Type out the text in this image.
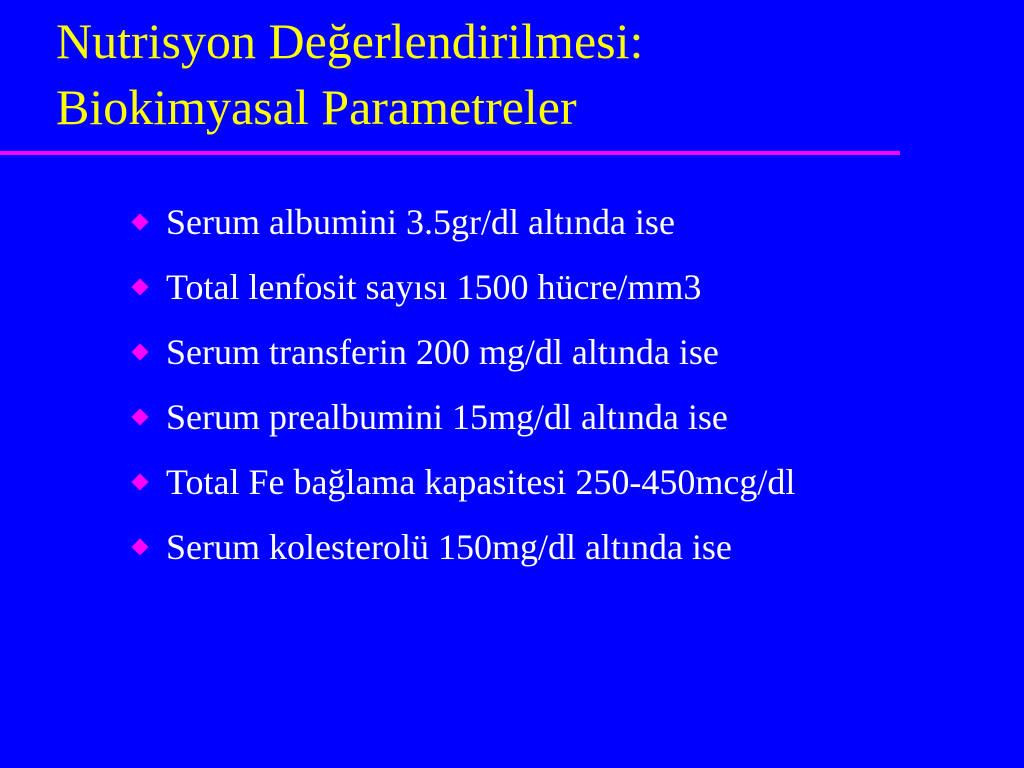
Nutrisyon Değerlendirilmesi:
Biokimyasal Parametreler
Serum albumini 3.5gr/dl altında ise
Total lenfosit sayısı 1500 hücre/mm3
Serum transferin 200 mg/dl altında ise
Serum prealbumini 15mg/dl altında ise
Total Fe bağlama kapasitesi 250-450mcg/dl
Serum kolesterolü 150mg/dl altında ise
